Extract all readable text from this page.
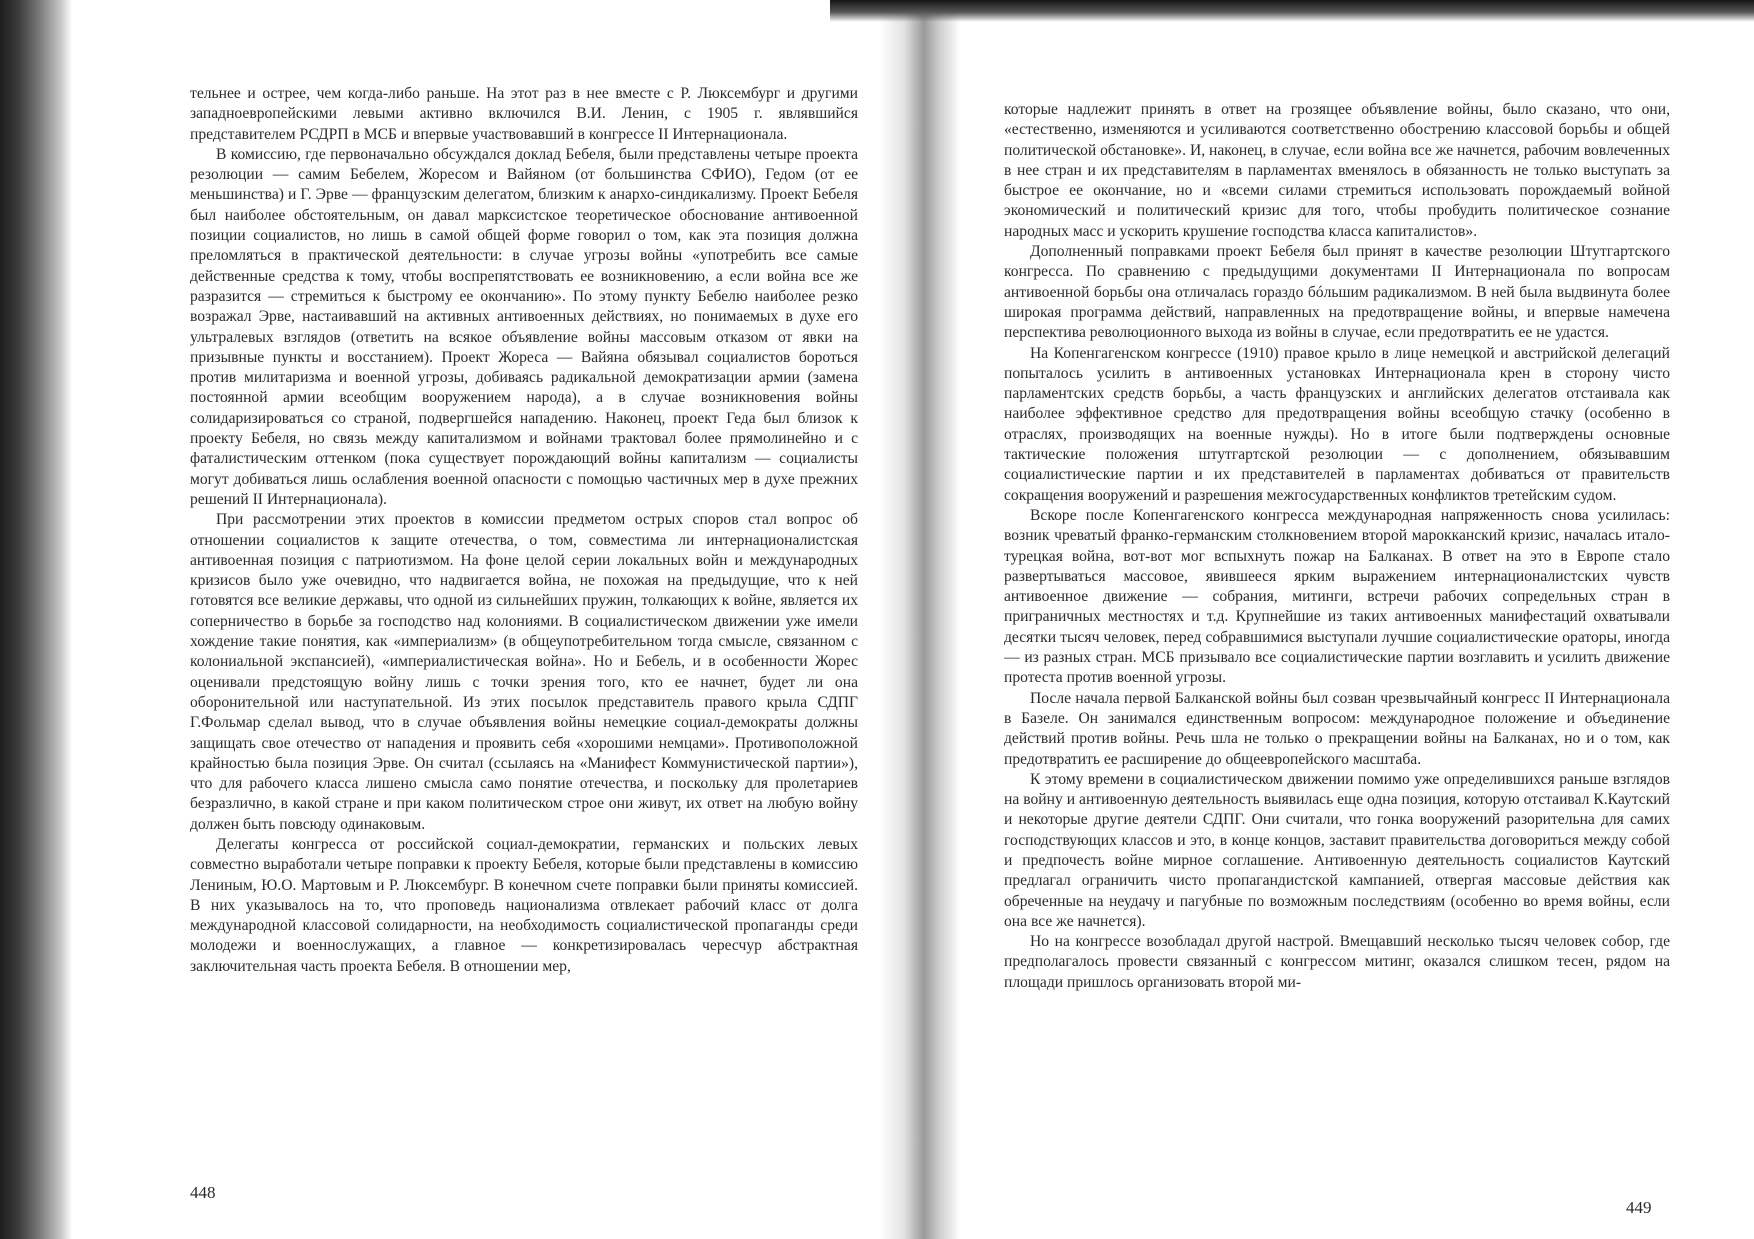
тельнее и острее, чем когда-либо раньше. На этот раз в нее вместе с Р. Люксембург и другими западноевропейскими левыми активно включился В.И. Ленин, с 1905 г. являвшийся представителем РСДРП в МСБ и впервые участвовавший в конгрессе II Интернационала.

В комиссию, где первоначально обсуждался доклад Бебеля, были представлены четыре проекта резолюции — самим Бебелем, Жоресом и Вайяном (от большинства СФИО), Гедом (от ее меньшинства) и Г. Эрве — французским делегатом, близким к анархо-синдикализму. Проект Бебеля был наиболее обстоятельным, он давал марксистское теоретическое обоснование антивоенной позиции социалистов, но лишь в самой общей форме говорил о том, как эта позиция должна преломляться в практической деятельности: в случае угрозы войны «употребить все самые действенные средства к тому, чтобы воспрепятствовать ее возникновению, а если война все же разразится — стремиться к быстрому ее окончанию». По этому пункту Бебелю наиболее резко возражал Эрве, настаивавший на активных антивоенных действиях, но понимаемых в духе его ультралевых взглядов (ответить на всякое объявление войны массовым отказом от явки на призывные пункты и восстанием). Проект Жореса — Вайяна обязывал социалистов бороться против милитаризма и военной угрозы, добиваясь радикальной демократизации армии (замена постоянной армии всеобщим вооружением народа), а в случае возникновения войны солидаризироваться со страной, подвергшейся нападению. Наконец, проект Геда был близок к проекту Бебеля, но связь между капитализмом и войнами трактовал более прямолинейно и с фаталистическим оттенком (пока существует порождающий войны капитализм — социалисты могут добиваться лишь ослабления военной опасности с помощью частичных мер в духе прежних решений II Интернационала).

При рассмотрении этих проектов в комиссии предметом острых споров стал вопрос об отношении социалистов к защите отечества, о том, совместима ли интернационалистская антивоенная позиция с патриотизмом. На фоне целой серии локальных войн и международных кризисов было уже очевидно, что надвигается война, не похожая на предыдущие, что к ней готовятся все великие державы, что одной из сильнейших пружин, толкающих к войне, является их соперничество в борьбе за господство над колониями. В социалистическом движении уже имели хождение такие понятия, как «империализм» (в общеупотребительном тогда смысле, связанном с колониальной экспансией), «империалистическая война». Но и Бебель, и в особенности Жорес оценивали предстоящую войну лишь с точки зрения того, кто ее начнет, будет ли она оборонительной или наступательной. Из этих посылок представитель правого крыла СДПГ Г.Фольмар сделал вывод, что в случае объявления войны немецкие социал-демократы должны защищать свое отечество от нападения и проявить себя «хорошими немцами». Противоположной крайностью была позиция Эрве. Он считал (ссылаясь на «Манифест Коммунистической партии»), что для рабочего класса лишено смысла само понятие отечества, и поскольку для пролетариев безразлично, в какой стране и при каком политическом строе они живут, их ответ на любую войну должен быть повсюду одинаковым.

Делегаты конгресса от российской социал-демократии, германских и польских левых совместно выработали четыре поправки к проекту Бебеля, которые были представлены в комиссию Лениным, Ю.О. Мартовым и Р. Люксембург. В конечном счете поправки были приняты комиссией. В них указывалось на то, что проповедь национализма отвлекает рабочий класс от долга международной классовой солидарности, на необходимость социалистической пропаганды среди молодежи и военнослужащих, а главное — конкретизировалась чересчур абстрактная заключительная часть проекта Бебеля. В отношении мер,

448

которые надлежит принять в ответ на грозящее объявление войны, было сказано, что они, «естественно, изменяются и усиливаются соответственно обострению классовой борьбы и общей политической обстановке». И, наконец, в случае, если война все же начнется, рабочим вовлеченных в нее стран и их представителям в парламентах вменялось в обязанность не только выступать за быстрое ее окончание, но и «всеми силами стремиться использовать порождаемый войной экономический и политический кризис для того, чтобы пробудить политическое сознание народных масс и ускорить крушение господства класса капиталистов».

Дополненный поправками проект Бебеля был принят в качестве резолюции Штутгартского конгресса. По сравнению с предыдущими документами II Интернационала по вопросам антивоенной борьбы она отличалась гораздо бóльшим радикализмом. В ней была выдвинута более широкая программа действий, направленных на предотвращение войны, и впервые намечена перспектива революционного выхода из войны в случае, если предотвратить ее не удастся.

На Копенгагенском конгрессе (1910) правое крыло в лице немецкой и австрийской делегаций попыталось усилить в антивоенных установках Интернационала крен в сторону чисто парламентских средств борьбы, а часть французских и английских делегатов отстаивала как наиболее эффективное средство для предотвращения войны всеобщую стачку (особенно в отраслях, производящих на военные нужды). Но в итоге были подтверждены основные тактические положения штутгартской резолюции — с дополнением, обязывавшим социалистические партии и их представителей в парламентах добиваться от правительств сокращения вооружений и разрешения межгосударственных конфликтов третейским судом.

Вскоре после Копенгагенского конгресса международная напряженность снова усилилась: возник чреватый франко-германским столкновением второй марокканский кризис, началась итало-турецкая война, вот-вот мог вспыхнуть пожар на Балканах. В ответ на это в Европе стало развертываться массовое, явившееся ярким выражением интернационалистских чувств антивоенное движение — собрания, митинги, встречи рабочих сопредельных стран в приграничных местностях и т.д. Крупнейшие из таких антивоенных манифестаций охватывали десятки тысяч человек, перед собравшимися выступали лучшие социалистические ораторы, иногда — из разных стран. МСБ призывало все социалистические партии возглавить и усилить движение протеста против военной угрозы.

После начала первой Балканской войны был созван чрезвычайный конгресс II Интернационала в Базеле. Он занимался единственным вопросом: международное положение и объединение действий против войны. Речь шла не только о прекращении войны на Балканах, но и о том, как предотвратить ее расширение до общеевропейского масштаба.

К этому времени в социалистическом движении помимо уже определившихся раньше взглядов на войну и антивоенную деятельность выявилась еще одна позиция, которую отстаивал К.Каутский и некоторые другие деятели СДПГ. Они считали, что гонка вооружений разорительна для самих господствующих классов и это, в конце концов, заставит правительства договориться между собой и предпочесть войне мирное соглашение. Антивоенную деятельность социалистов Каутский предлагал ограничить чисто пропагандистской кампанией, отвергая массовые действия как обреченные на неудачу и пагубные по возможным последствиям (особенно во время войны, если она все же начнется).

Но на конгрессе возобладал другой настрой. Вмещавший несколько тысяч человек собор, где предполагалось провести связанный с конгрессом митинг, оказался слишком тесен, рядом на площади пришлось организовать второй ми-

449
